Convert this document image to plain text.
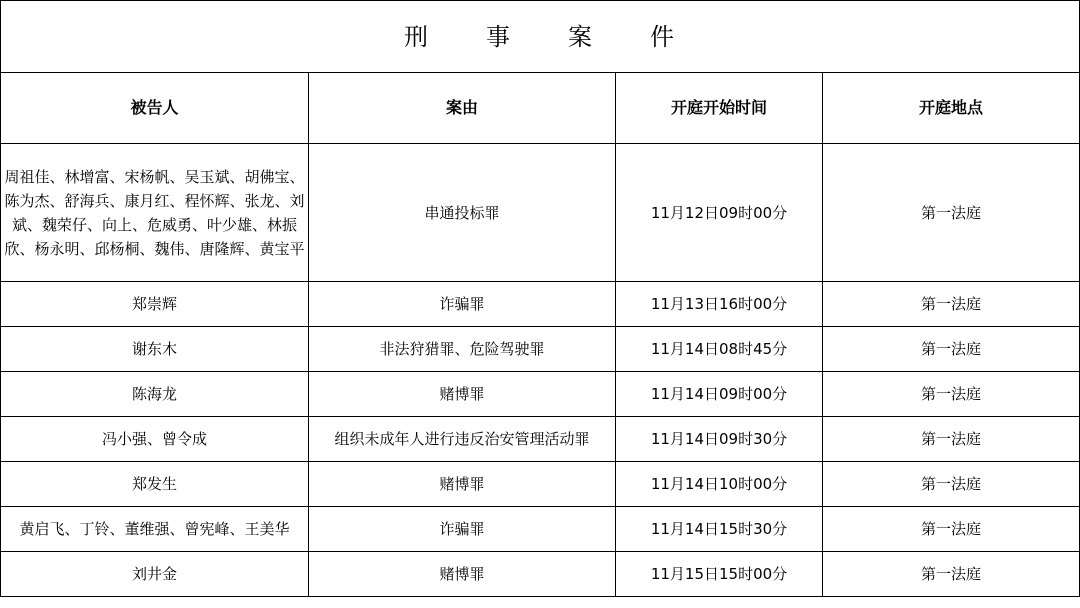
刑 事 案 件			
被告人	案由	开庭开始时间	开庭地点
周祖佳、林增富、宋杨帆、吴玉斌、胡佛宝、陈为杰、舒海兵、康月红、程怀辉、张龙、刘斌、魏荣仔、向上、危威勇、叶少雄、林振欣、杨永明、邱杨桐、魏伟、唐隆辉、黄宝平	串通投标罪	11月12日09时00分	第一法庭
郑崇辉	诈骗罪	11月13日16时00分	第一法庭
谢东木	非法狩猎罪、危险驾驶罪	11月14日08时45分	第一法庭
陈海龙	赌博罪	11月14日09时00分	第一法庭
冯小强、曾令成	组织未成年人进行违反治安管理活动罪	11月14日09时30分	第一法庭
郑发生	赌博罪	11月14日10时00分	第一法庭
黄启飞、丁铃、董维强、曾宪峰、王美华	诈骗罪	11月14日15时30分	第一法庭
刘井金	赌博罪	11月15日15时00分	第一法庭
